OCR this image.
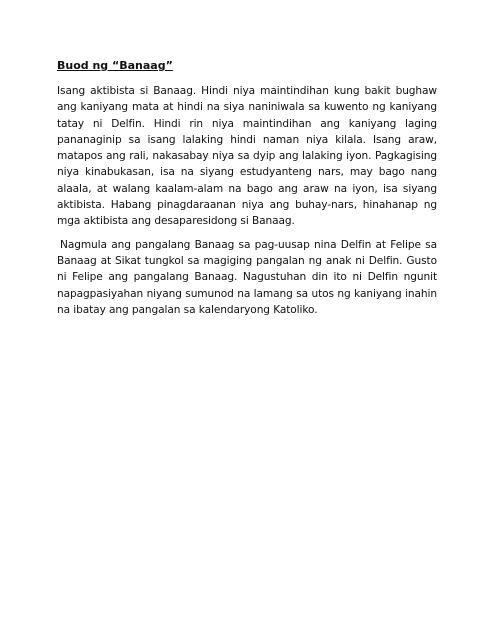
Buod ng “Banaag”

Isang aktibista si Banaag. Hindi niya maintindihan kung bakit bughaw ang kaniyang mata at hindi na siya naniniwala sa kuwento ng kaniyang tatay ni Delfin. Hindi rin niya maintindihan ang kaniyang laging pananaginip sa isang lalaking hindi naman niya kilala. Isang araw, matapos ang rali, nakasabay niya sa dyip ang lalaking iyon. Pagkagising niya kinabukasan, isa na siyang estudyanteng nars, may bago nang alaala, at walang kaalam-alam na bago ang araw na iyon, isa siyang aktibista. Habang pinagdaraanan niya ang buhay-nars, hinahanap ng mga aktibista ang desaparesidong si Banaag.

Nagmula ang pangalang Banaag sa pag-uusap nina Delfin at Felipe sa Banaag at Sikat tungkol sa magiging pangalan ng anak ni Delfin. Gusto ni Felipe ang pangalang Banaag. Nagustuhan din ito ni Delfin ngunit napagpasiyahan niyang sumunod na lamang sa utos ng kaniyang inahin na ibatay ang pangalan sa kalendaryong Katoliko.
